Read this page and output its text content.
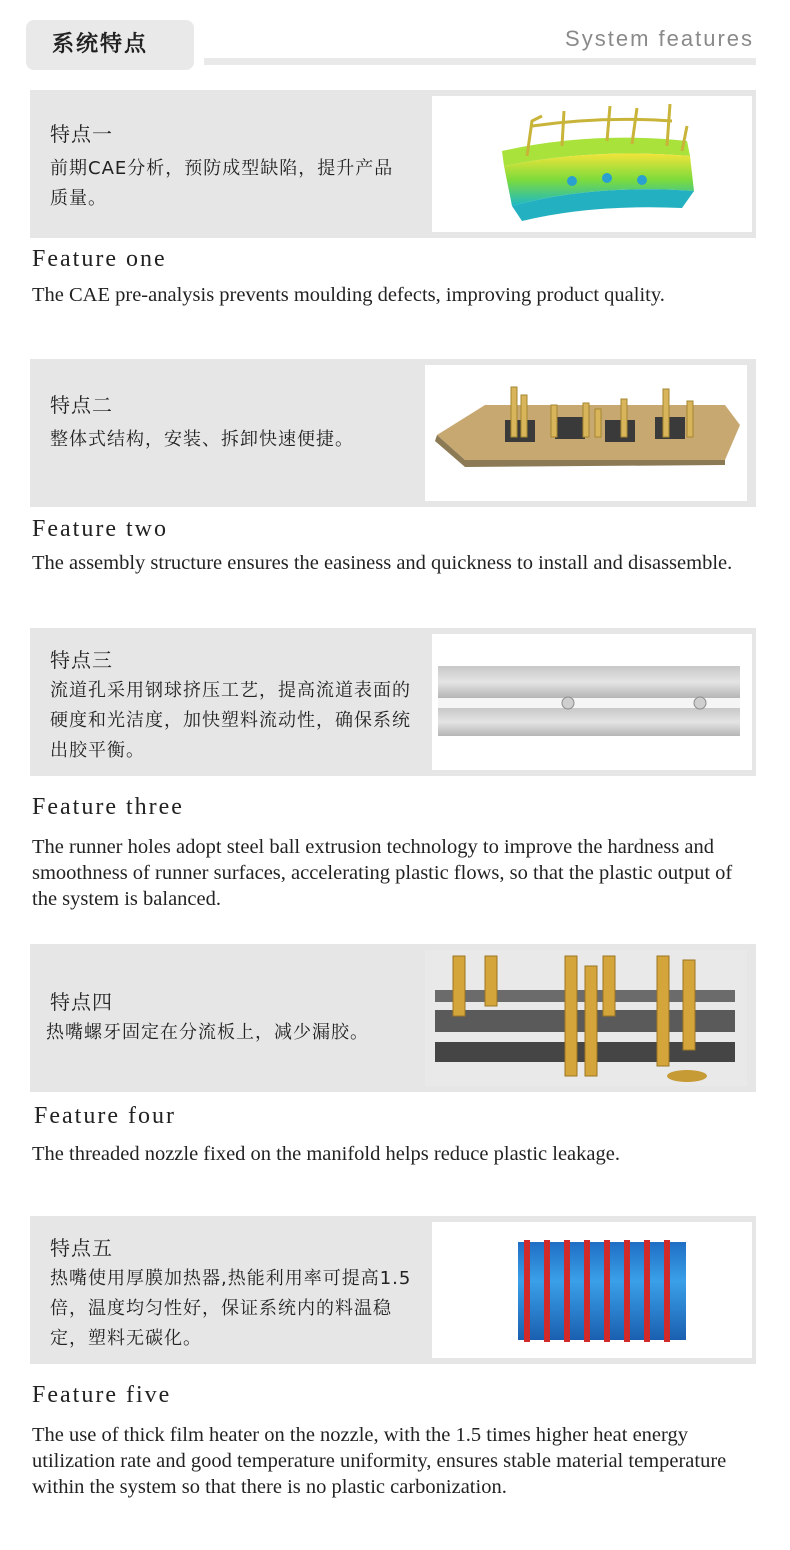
系统特点	System features
特点一
前期CAE分析，预防成型缺陷，提升产品质量。
Feature one
The CAE pre-analysis prevents moulding defects, improving product quality.
特点二
整体式结构，安装、拆卸快速便捷。
Feature two
The assembly structure ensures the easiness and quickness to install and disassemble.
特点三
流道孔采用钢球挤压工艺，提高流道表面的硬度和光洁度，加快塑料流动性，确保系统出胶平衡。
Feature three
The runner holes adopt steel ball extrusion technology to improve the hardness and smoothness of runner surfaces, accelerating plastic flows, so that the plastic output of the system is balanced.
特点四
热嘴螺牙固定在分流板上，减少漏胶。
Feature four
The threaded nozzle fixed on the manifold helps reduce plastic leakage.
特点五
热嘴使用厚膜加热器,热能利用率可提高1.5倍，温度均匀性好，保证系统内的料温稳定，塑料无碳化。
Feature five
The use of thick film heater on the nozzle, with the 1.5 times higher heat energy utilization rate and good temperature uniformity, ensures stable material temperature within the system so that there is no plastic carbonization.
